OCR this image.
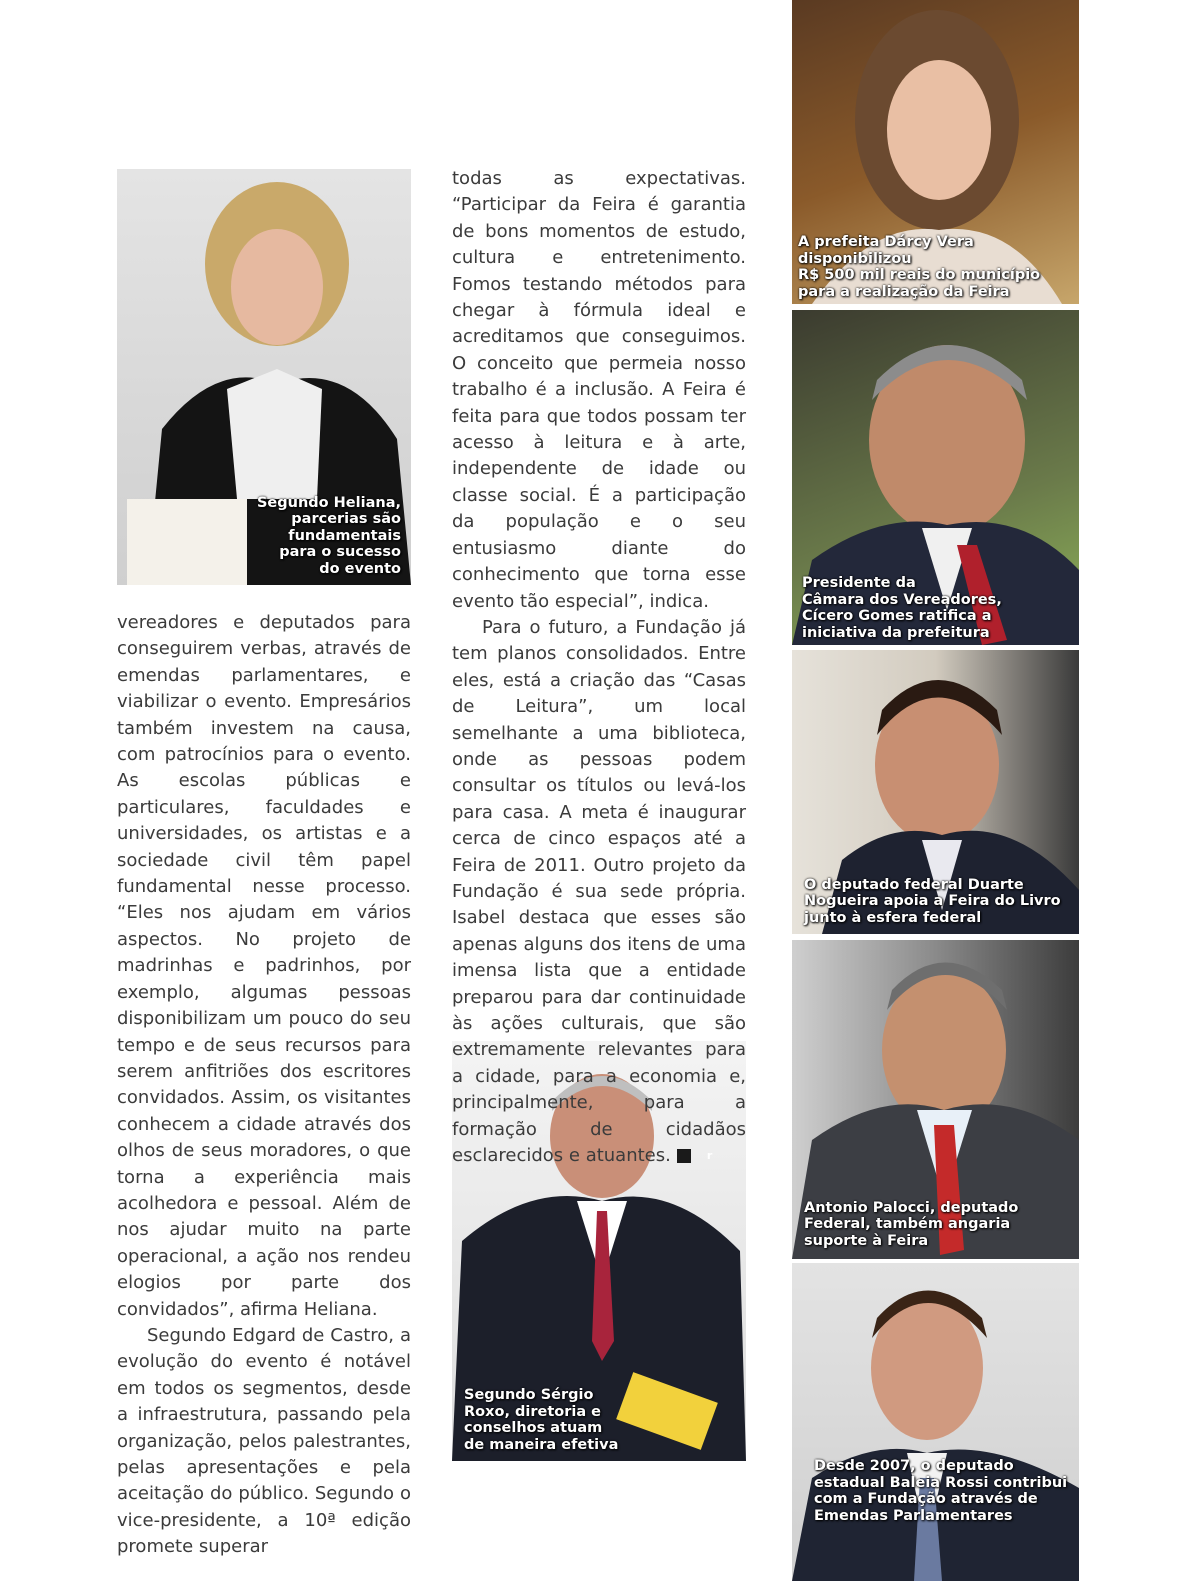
Segundo Heliana,
parcerias são
fundamentais
para o sucesso
do evento
Segundo Sérgio
Roxo, diretoria e
conselhos atuam
de maneira efetiva
A prefeita Dárcy Vera disponibilizou
R$ 500 mil reais do município
para a realização da Feira
Presidente da
Câmara dos Vereadores,
Cícero Gomes ratifica a
iniciativa da prefeitura
O deputado federal Duarte
Nogueira apoia a Feira do Livro
junto à esfera federal
Antonio Palocci, deputado
Federal, também angaria
suporte à Feira
Desde 2007, o deputado
estadual Baleia Rossi contribui
com a Fundação através de
Emendas Parlamentares

vereadores e deputados para conseguirem verbas, através de emendas parlamentares, e viabilizar o evento. Empresários também investem na causa, com patrocínios para o evento. As escolas públicas e particulares, faculdades e universidades, os artistas e a sociedade civil têm papel fundamental nesse processo. “Eles nos ajudam em vários aspectos. No projeto de madrinhas e padrinhos, por exemplo, algumas pessoas disponibilizam um pouco do seu tempo e de seus recursos para serem anfitriões dos escritores convidados. Assim, os visitantes conhecem a cidade através dos olhos de seus moradores, o que torna a experiência mais acolhedora e pessoal. Além de nos ajudar muito na parte operacional, a ação nos rendeu elogios por parte dos convidados”, afirma Heliana.

Segundo Edgard de Castro, a evolução do evento é notável em todos os segmentos, desde a infraestrutura, passando pela organização, pelos palestrantes, pelas apresentações e pela aceitação do público. Segundo o vice-presidente, a 10ª edição promete superar

todas as expectativas. “Participar da Feira é garantia de bons momentos de estudo, cultura e entretenimento. Fomos testando métodos para chegar à fórmula ideal e acreditamos que conseguimos. O conceito que permeia nosso trabalho é a inclusão. A Feira é feita para que todos possam ter acesso à leitura e à arte, independente de idade ou classe social. É a participação da população e o seu entusiasmo diante do conhecimento que torna esse evento tão especial”, indica.

Para o futuro, a Fundação já tem planos consolidados. Entre eles, está a criação das “Casas de Leitura”, um local semelhante a uma biblioteca, onde as pessoas podem consultar os títulos ou levá-los para casa. A meta é inaugurar cerca de cinco espaços até a Feira de 2011. Outro projeto da Fundação é sua sede própria. Isabel destaca que esses são apenas alguns dos itens de uma imensa lista que a entidade preparou para dar continuidade às ações culturais, que são extremamente relevantes para a cidade, para a economia e, principalmente, para a formação de cidadãos esclarecidos e atuantes.	r
